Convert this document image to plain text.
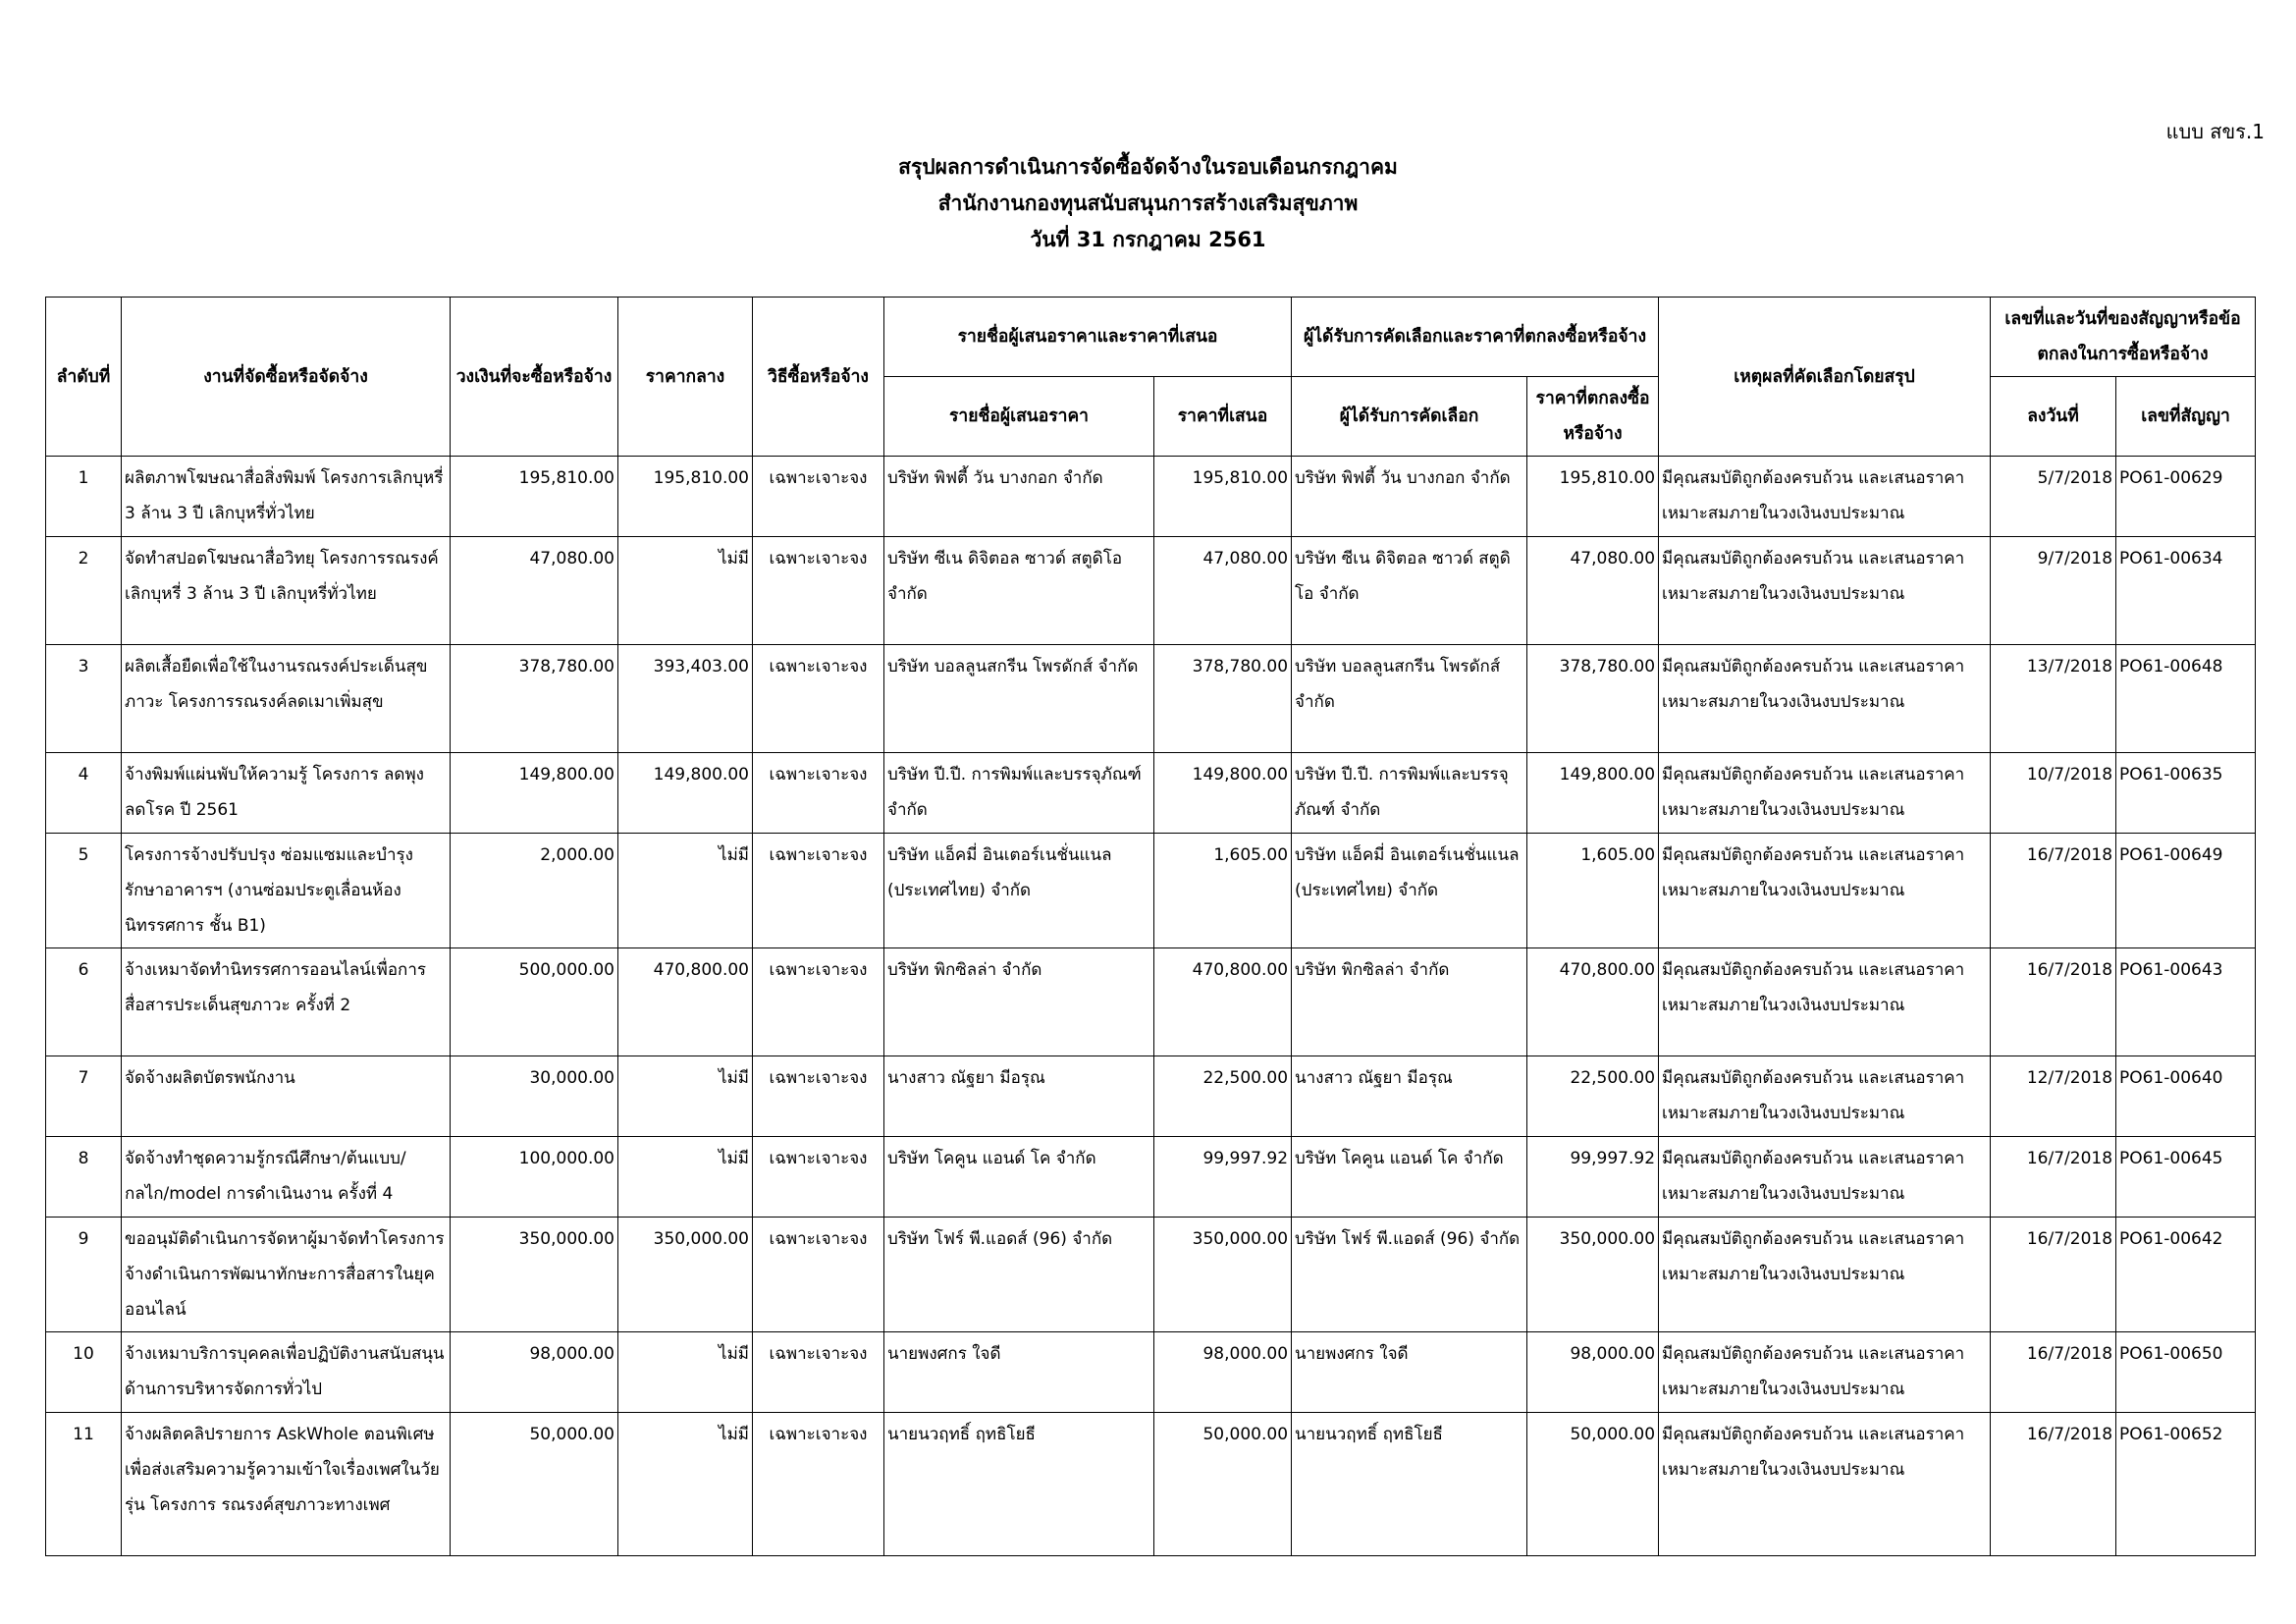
แบบ สขร.1
สรุปผลการดำเนินการจัดซื้อจัดจ้างในรอบเดือนกรกฎาคม
สำนักงานกองทุนสนับสนุนการสร้างเสริมสุขภาพ
วันที่ 31 กรกฎาคม 2561
ลำดับที่	งานที่จัดซื้อหรือจัดจ้าง	วงเงินที่จะซื้อหรือจ้าง	ราคากลาง	วิธีซื้อหรือจ้าง	รายชื่อผู้เสนอราคาและราคาที่เสนอ		ผู้ได้รับการคัดเลือกและราคาที่ตกลงซื้อหรือจ้าง		เหตุผลที่คัดเลือกโดยสรุป	เลขที่และวันที่ของสัญญาหรือข้อตกลงในการซื้อหรือจ้าง	
					รายชื่อผู้เสนอราคา	ราคาที่เสนอ	ผู้ได้รับการคัดเลือก	ราคาที่ตกลงซื้อหรือจ้าง		ลงวันที่	เลขที่สัญญา
1	ผลิตภาพโฆษณาสื่อสิ่งพิมพ์ โครงการเลิกบุหรี่ 3 ล้าน 3 ปี เลิกบุหรี่ทั่วไทย	195,810.00	195,810.00	เฉพาะเจาะจง	บริษัท พิฟตี้ วัน บางกอก จำกัด	195,810.00	บริษัท พิฟตี้ วัน บางกอก จำกัด	195,810.00	มีคุณสมบัติถูกต้องครบถ้วน และเสนอราคาเหมาะสมภายในวงเงินงบประมาณ	5/7/2018	PO61-00629
2	จัดทำสปอตโฆษณาสื่อวิทยุ โครงการรณรงค์เลิกบุหรี่ 3 ล้าน 3 ปี เลิกบุหรี่ทั่วไทย	47,080.00	ไม่มี	เฉพาะเจาะจง	บริษัท ซีเน ดิจิตอล ซาวด์ สตูดิโอ จำกัด	47,080.00	บริษัท ซีเน ดิจิตอล ซาวด์ สตูดิโอ จำกัด	47,080.00	มีคุณสมบัติถูกต้องครบถ้วน และเสนอราคาเหมาะสมภายในวงเงินงบประมาณ	9/7/2018	PO61-00634
3	ผลิตเสื้อยืดเพื่อใช้ในงานรณรงค์ประเด็นสุขภาวะ โครงการรณรงค์ลดเมาเพิ่มสุข	378,780.00	393,403.00	เฉพาะเจาะจง	บริษัท บอลลูนสกรีน โพรดักส์ จำกัด	378,780.00	บริษัท บอลลูนสกรีน โพรดักส์ จำกัด	378,780.00	มีคุณสมบัติถูกต้องครบถ้วน และเสนอราคาเหมาะสมภายในวงเงินงบประมาณ	13/7/2018	PO61-00648
4	จ้างพิมพ์แผ่นพับให้ความรู้ โครงการ ลดพุง ลดโรค ปี 2561	149,800.00	149,800.00	เฉพาะเจาะจง	บริษัท ปี.ปี. การพิมพ์และบรรจุภัณฑ์ จำกัด	149,800.00	บริษัท ปี.ปี. การพิมพ์และบรรจุภัณฑ์ จำกัด	149,800.00	มีคุณสมบัติถูกต้องครบถ้วน และเสนอราคาเหมาะสมภายในวงเงินงบประมาณ	10/7/2018	PO61-00635
5	โครงการจ้างปรับปรุง ซ่อมแซมและบำรุงรักษาอาคารฯ (งานซ่อมประตูเลื่อนห้องนิทรรศการ ชั้น B1)	2,000.00	ไม่มี	เฉพาะเจาะจง	บริษัท แอ็คมี่ อินเตอร์เนชั่นแนล (ประเทศไทย) จำกัด	1,605.00	บริษัท แอ็คมี่ อินเตอร์เนชั่นแนล (ประเทศไทย) จำกัด	1,605.00	มีคุณสมบัติถูกต้องครบถ้วน และเสนอราคาเหมาะสมภายในวงเงินงบประมาณ	16/7/2018	PO61-00649
6	จ้างเหมาจัดทำนิทรรศการออนไลน์เพื่อการสื่อสารประเด็นสุขภาวะ ครั้งที่ 2	500,000.00	470,800.00	เฉพาะเจาะจง	บริษัท พิกซิลล่า จำกัด	470,800.00	บริษัท พิกซิลล่า จำกัด	470,800.00	มีคุณสมบัติถูกต้องครบถ้วน และเสนอราคาเหมาะสมภายในวงเงินงบประมาณ	16/7/2018	PO61-00643
7	จัดจ้างผลิตบัตรพนักงาน	30,000.00	ไม่มี	เฉพาะเจาะจง	นางสาว ณัฐยา มีอรุณ	22,500.00	นางสาว ณัฐยา มีอรุณ	22,500.00	มีคุณสมบัติถูกต้องครบถ้วน และเสนอราคาเหมาะสมภายในวงเงินงบประมาณ	12/7/2018	PO61-00640
8	จัดจ้างทำชุดความรู้กรณีศึกษา/ต้นแบบ/กลไก/model การดำเนินงาน ครั้งที่ 4	100,000.00	ไม่มี	เฉพาะเจาะจง	บริษัท โคคูน แอนด์ โค จำกัด	99,997.92	บริษัท โคคูน แอนด์ โค จำกัด	99,997.92	มีคุณสมบัติถูกต้องครบถ้วน และเสนอราคาเหมาะสมภายในวงเงินงบประมาณ	16/7/2018	PO61-00645
9	ขออนุมัติดำเนินการจัดหาผู้มาจัดทำโครงการจ้างดำเนินการพัฒนาทักษะการสื่อสารในยุคออนไลน์	350,000.00	350,000.00	เฉพาะเจาะจง	บริษัท โฟร์ พี.แอดส์ (96) จำกัด	350,000.00	บริษัท โฟร์ พี.แอดส์ (96) จำกัด	350,000.00	มีคุณสมบัติถูกต้องครบถ้วน และเสนอราคาเหมาะสมภายในวงเงินงบประมาณ	16/7/2018	PO61-00642
10	จ้างเหมาบริการบุคคลเพื่อปฏิบัติงานสนับสนุนด้านการบริหารจัดการทั่วไป	98,000.00	ไม่มี	เฉพาะเจาะจง	นายพงศกร ใจดี	98,000.00	นายพงศกร ใจดี	98,000.00	มีคุณสมบัติถูกต้องครบถ้วน และเสนอราคาเหมาะสมภายในวงเงินงบประมาณ	16/7/2018	PO61-00650
11	จ้างผลิตคลิปรายการ AskWhole ตอนพิเศษ เพื่อส่งเสริมความรู้ความเข้าใจเรื่องเพศในวัยรุ่น โครงการ รณรงค์สุขภาวะทางเพศ	50,000.00	ไม่มี	เฉพาะเจาะจง	นายนวฤทธิ์ ฤทธิโยธี	50,000.00	นายนวฤทธิ์ ฤทธิโยธี	50,000.00	มีคุณสมบัติถูกต้องครบถ้วน และเสนอราคาเหมาะสมภายในวงเงินงบประมาณ	16/7/2018	PO61-00652
